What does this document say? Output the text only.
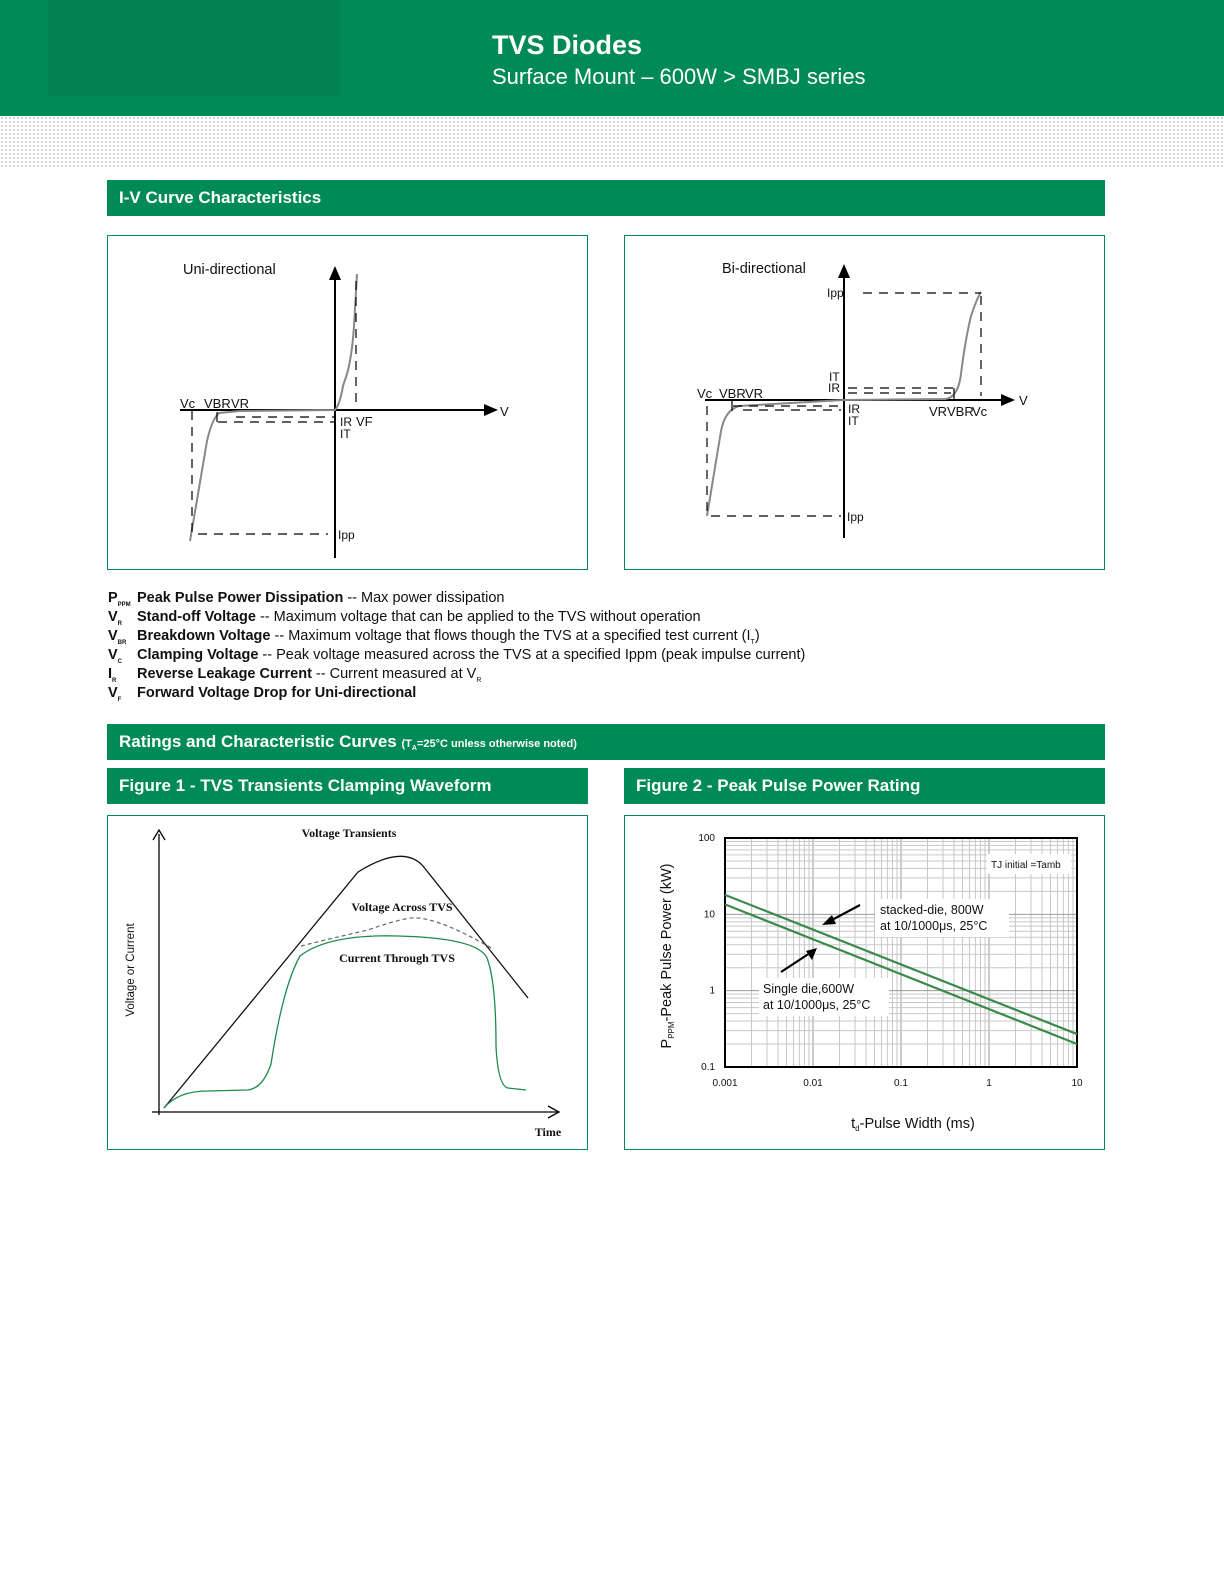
TVS Diodes
Surface Mount – 600W > SMBJ series
I-V Curve Characteristics
Uni-directional
Vc VBR VR
V
IR VF
IT
Ipp
Bi-directional
Ipp
IT
IR
Vc VBR VR
IR
IT
VR VBR
Vc
V
Ipp
$P_{PPM}$ Peak Pulse Power Dissipation -- Max power dissipation
$V_R$ Stand-off Voltage -- Maximum voltage that can be applied to the TVS without operation
$V_{BR}$ Breakdown Voltage -- Maximum voltage that flows though the TVS at a specified test current $(I_T)$
$V_C$ Clamping Voltage -- Peak voltage measured across the TVS at a specified Ippm (peak impulse current)
$I_R$ Reverse Leakage Current -- Current measured at $V_R$
$V_F$ Forward Voltage Drop for Uni-directional
Ratings and Characteristic Curves ($T_A=25^\circ C$ unless otherwise noted)
Figure 1 - TVS Transients Clamping Waveform	Figure 2 - Peak Pulse Power Rating
Voltage Transients
Voltage Across TVS
Current Through TVS
Time
Voltage or Current
0.001	0.01	0.1	1	10
0.1
1
10
100
TJ initial =Tamb
stacked-die, 800W
at 10/1000μs, 25°C
Single die,600W
at 10/1000μs, 25°C
$P_{PPM}$-Peak Pulse Power (kW)
$t_d$-Pulse Width (ms)
